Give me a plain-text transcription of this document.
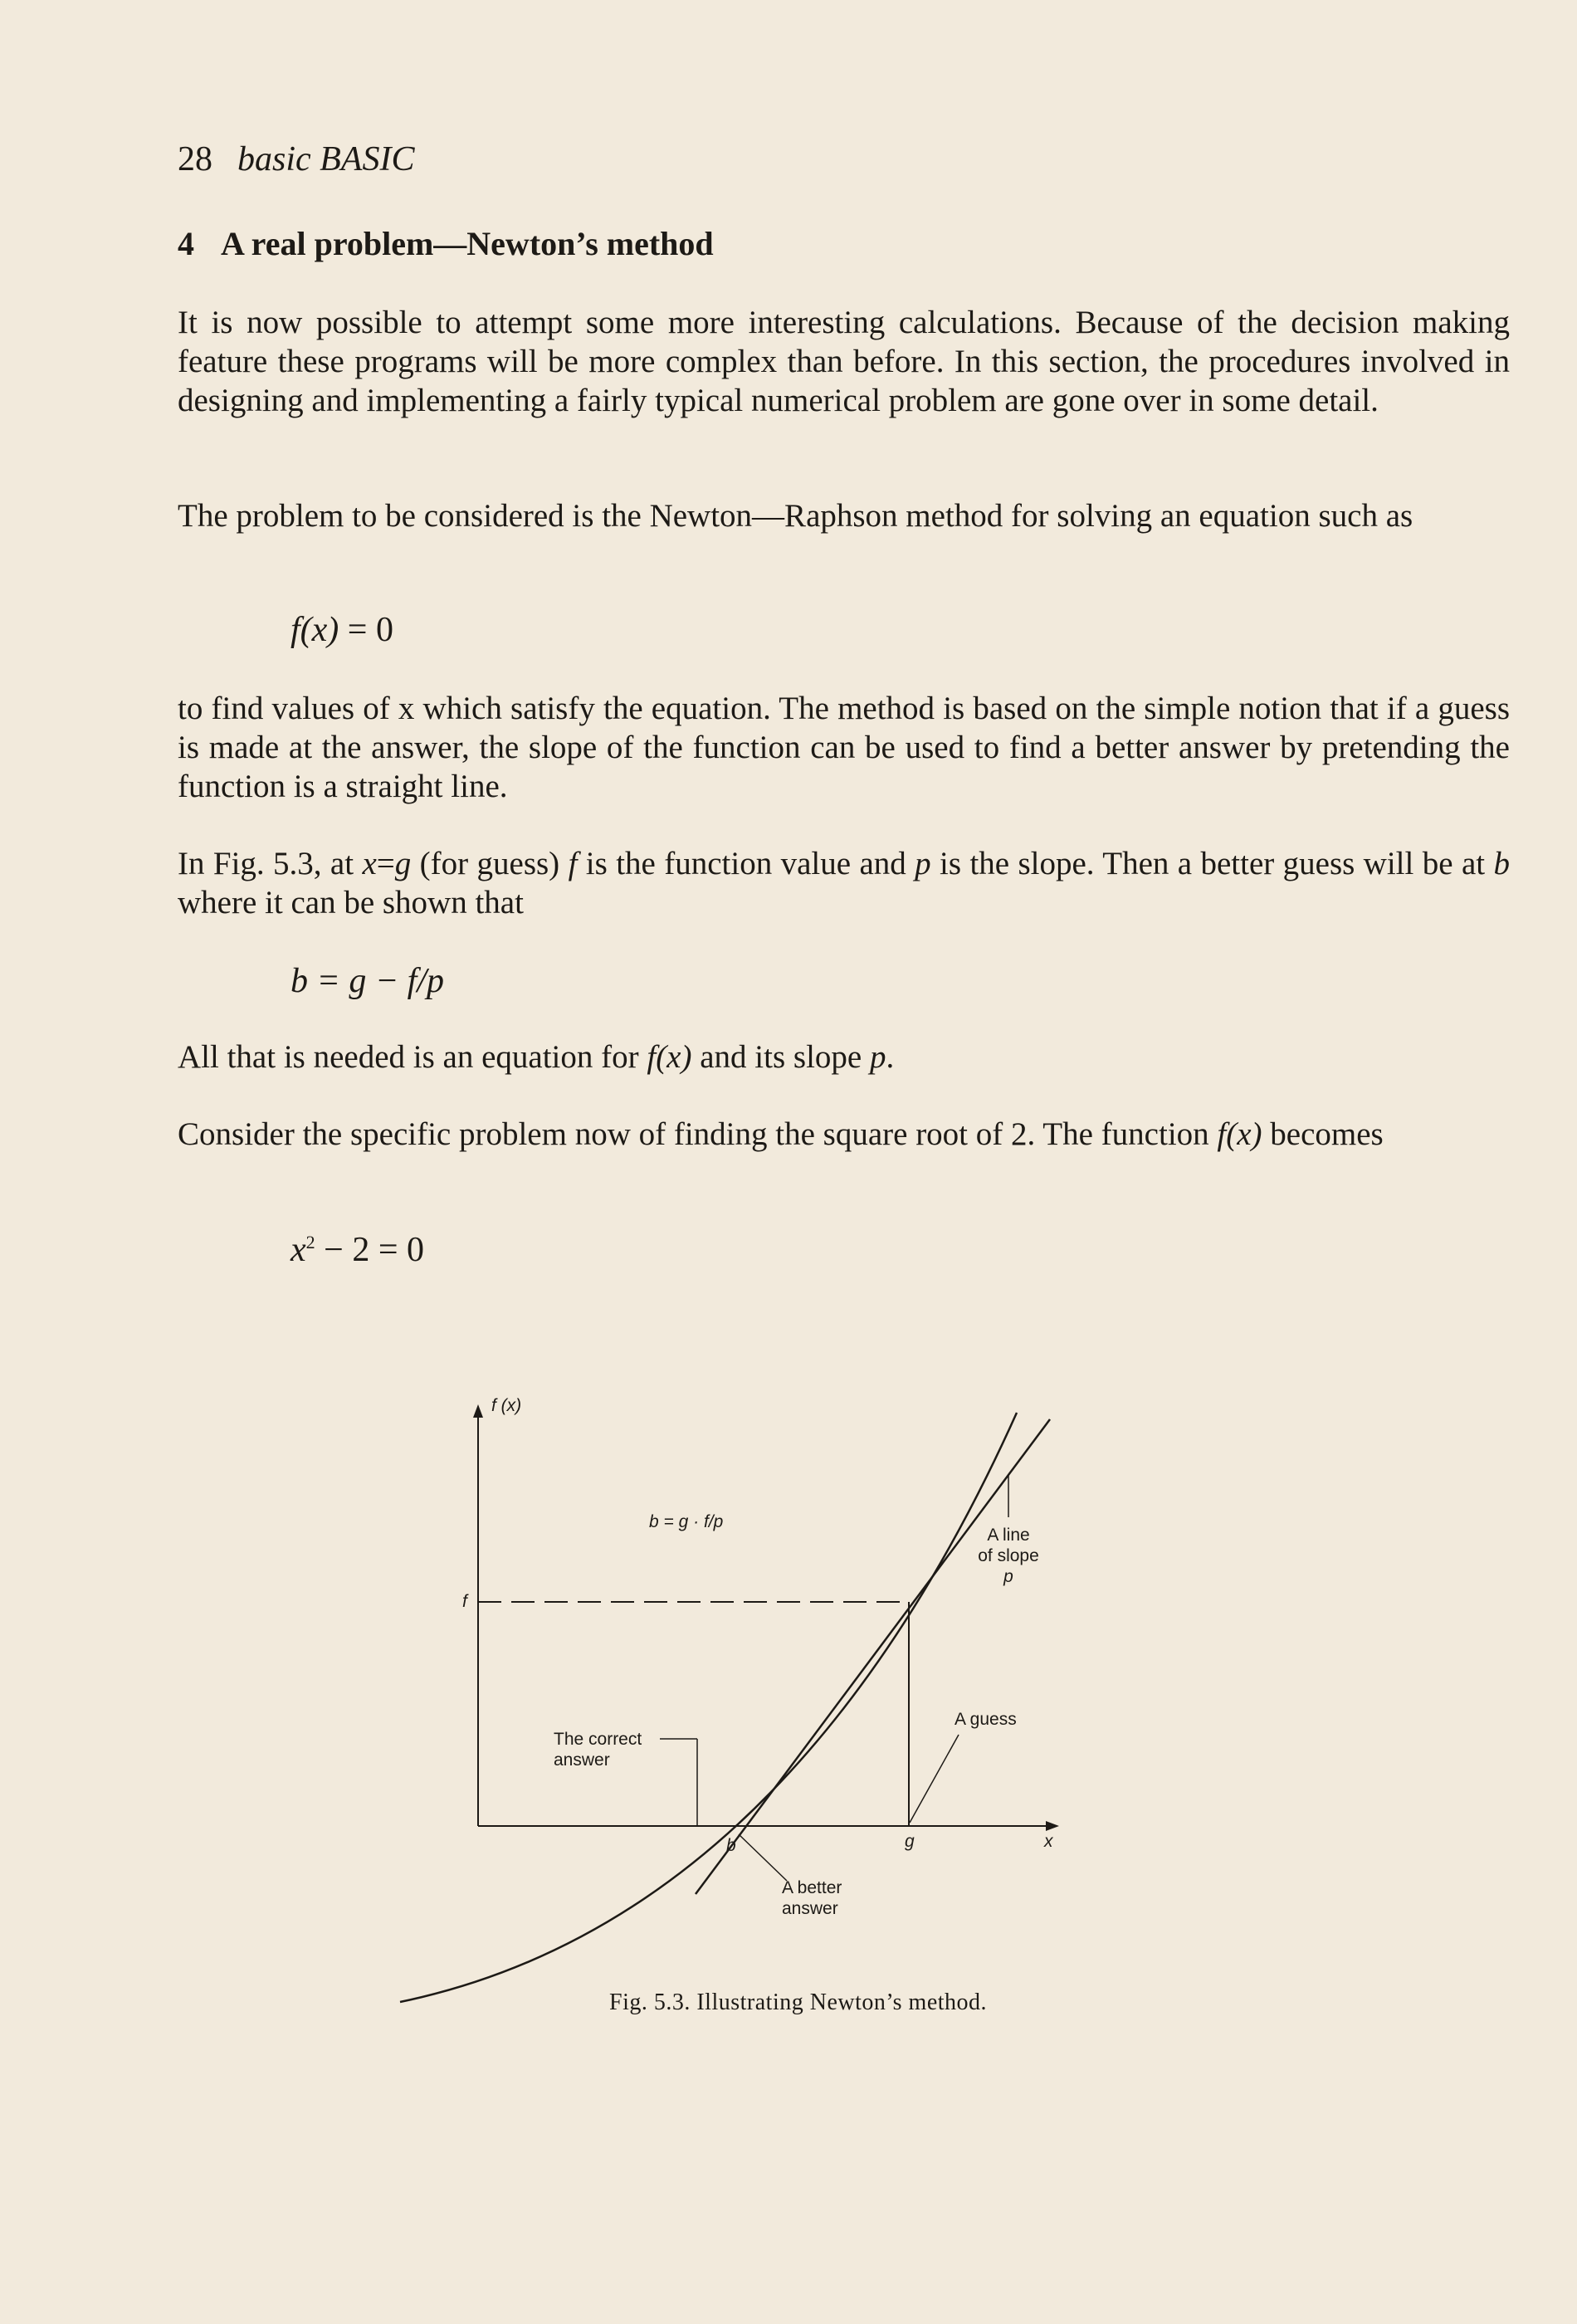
28 basic BASIC
4 A real problem—Newton’s method

It is now possible to attempt some more interesting calculations. Because of the decision making feature these programs will be more complex than before. In this section, the procedures involved in designing and implementing a fairly typical numerical problem are gone over in some detail.

The problem to be considered is the Newton—Raphson method for solving an equation such as

f(x) = 0

to find values of x which satisfy the equation. The method is based on the simple notion that if a guess is made at the answer, the slope of the function can be used to find a better answer by pretending the function is a straight line.

In Fig. 5.3, at x=g (for guess) f is the function value and p is the slope. Then a better guess will be at b where it can be shown that

b = g − f/p

All that is needed is an equation for f(x) and its slope p.

Consider the specific problem now of finding the square root of 2. The function f(x) becomes

$x^2 - 2 = 0$
f (x)
x
f
b = g · f/p
A line
of slope
p
A guess
The correct
answer
b	g
A better
answer
Fig. 5.3. Illustrating Newton’s method.
